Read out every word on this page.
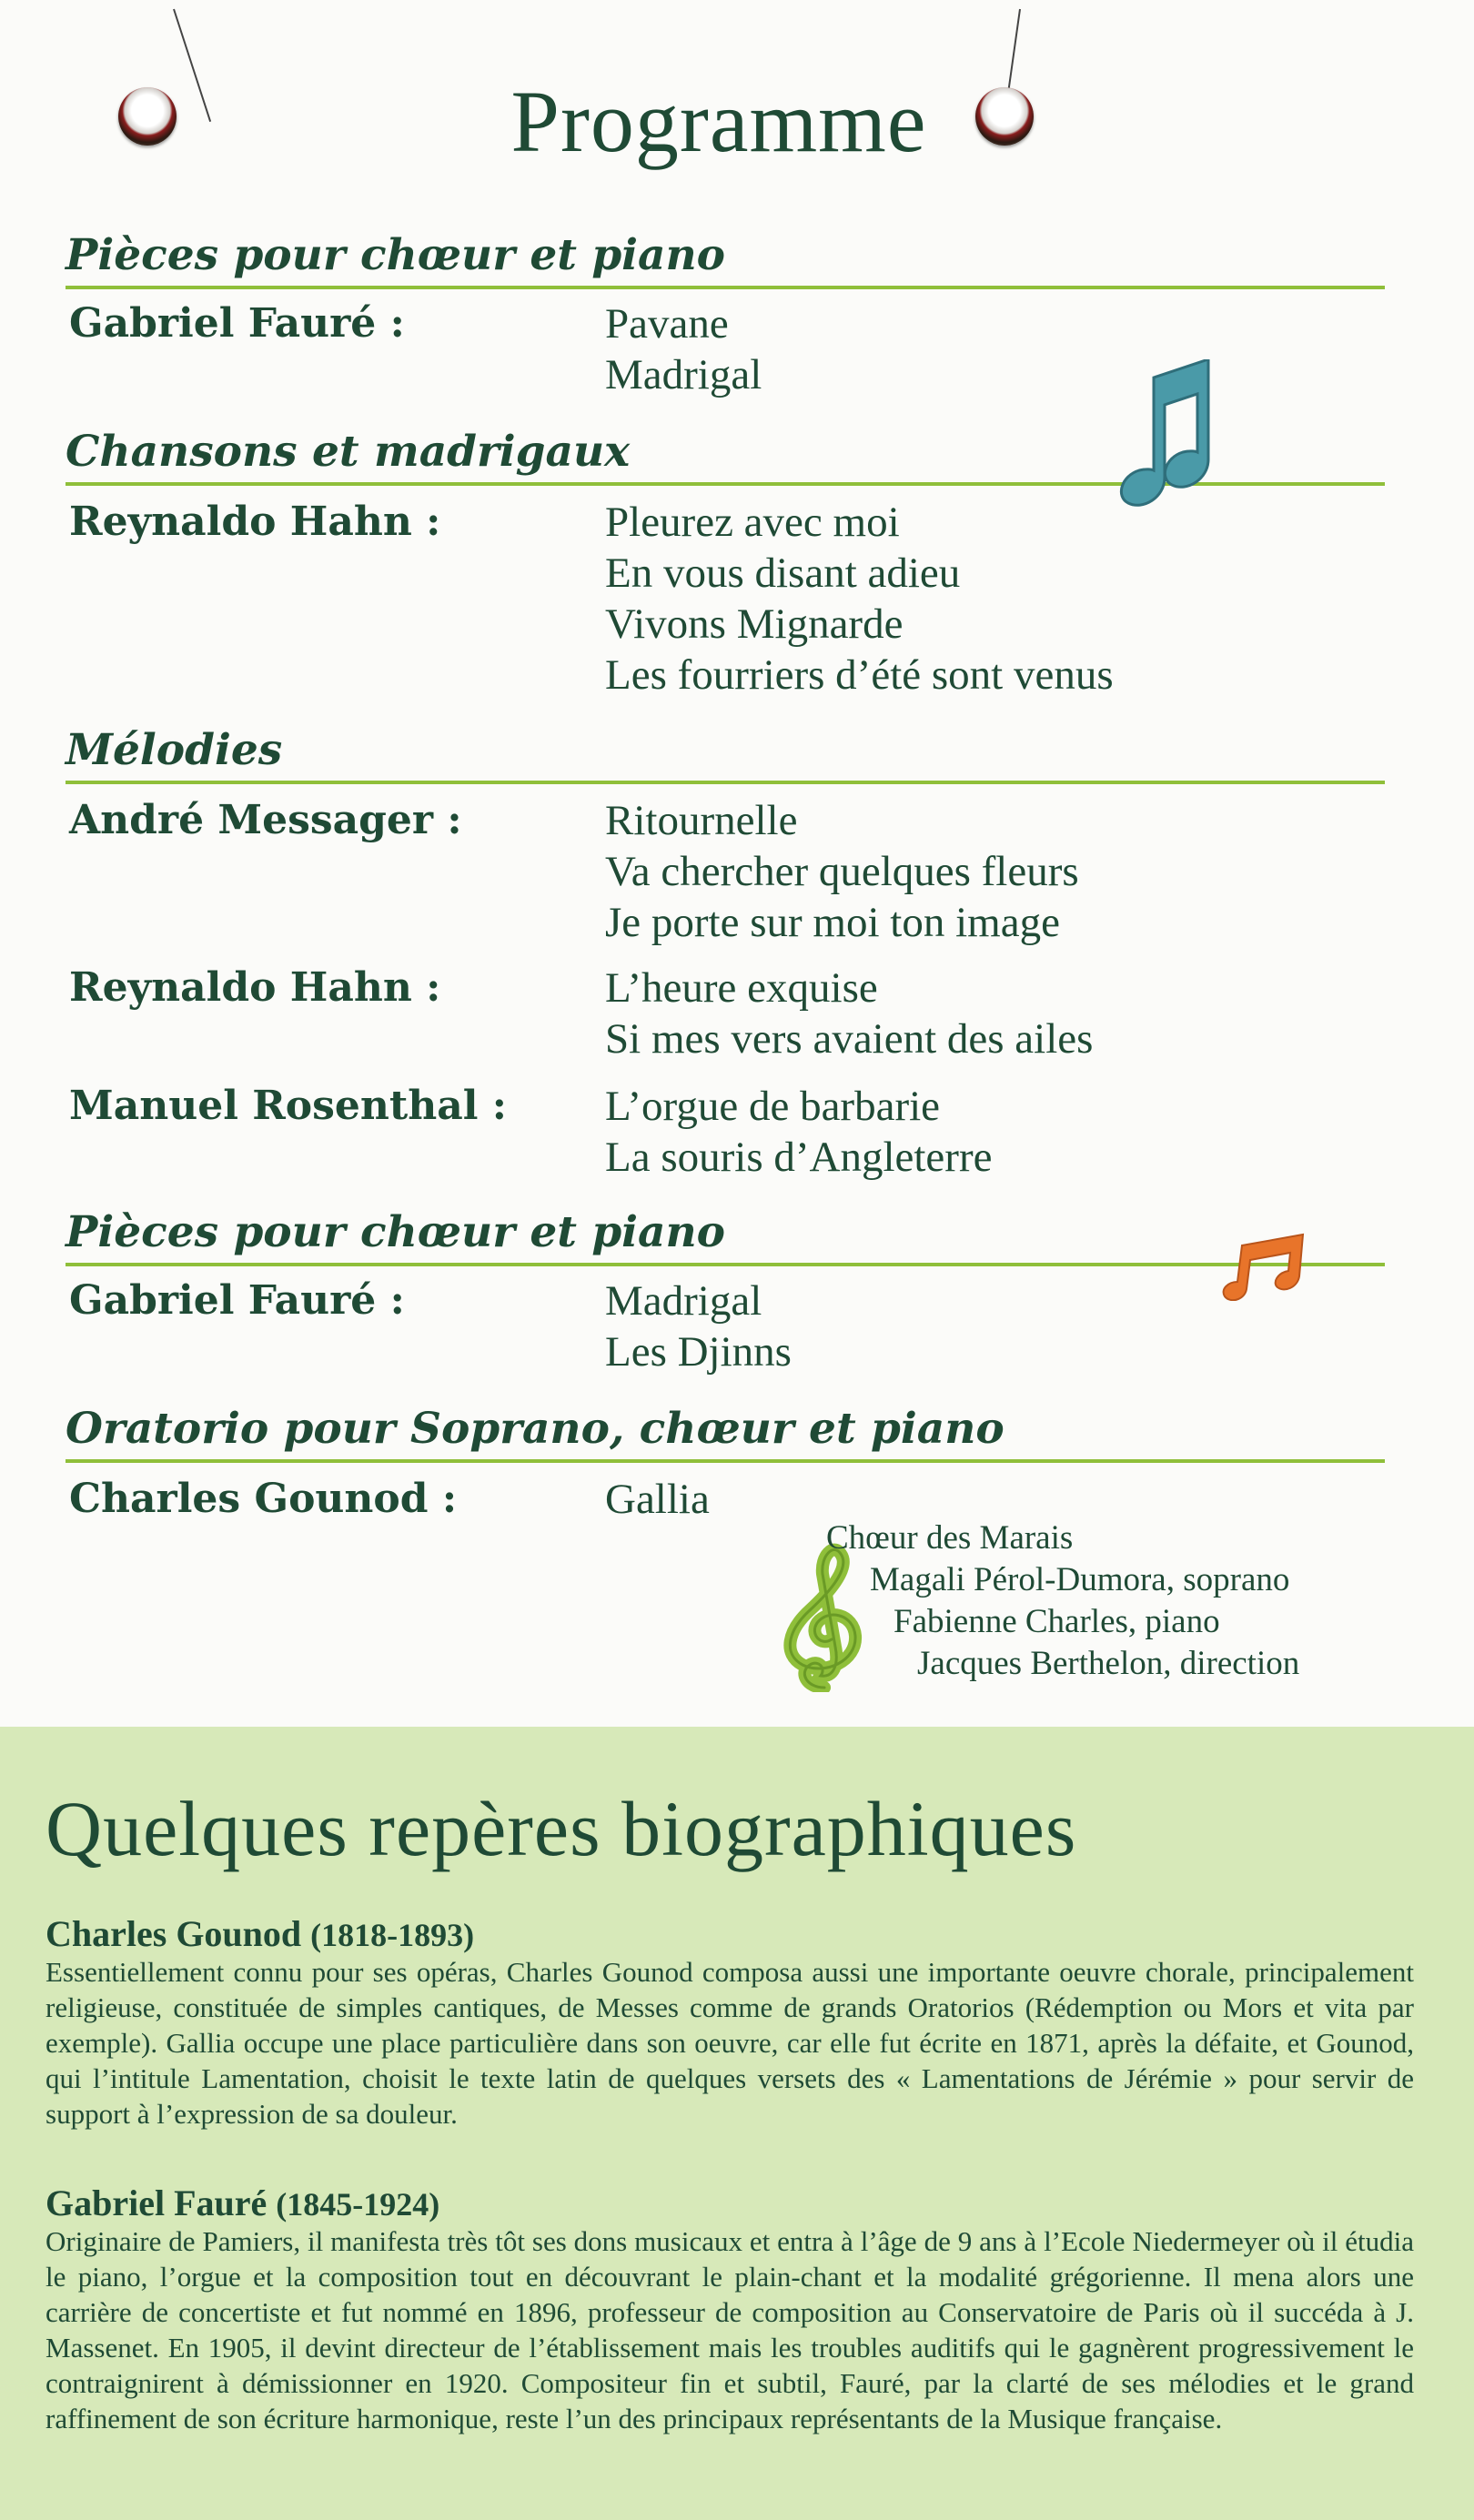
Programme
Pièces pour chœur et piano

Gabriel Fauré :	Pavane
Madrigal
Chansons et madrigaux

Reynaldo Hahn :	Pleurez avec moi
En vous disant adieu
Vivons Mignarde
Les fourriers d’été sont venus
Mélodies

André Messager :	Ritournelle
Va chercher quelques fleurs
Je porte sur moi ton image

Reynaldo Hahn :	L’heure exquise
Si mes vers avaient des ailes

Manuel Rosenthal : L’orgue de barbarie
La souris d’Angleterre
Pièces pour chœur et piano

Gabriel Fauré :	Madrigal
Les Djinns
Oratorio pour Soprano, chœur et piano

Charles Gounod :	Gallia
Chœur des Marais
Magali Pérol-Dumora, soprano
Fabienne Charles, piano
Jacques Berthelon, direction
Quelques repères biographiques

Charles Gounod (1818-1893)

Essentiellement connu pour ses opéras, Charles Gounod composa aussi une importante oeuvre chorale, principalement religieuse, constituée de simples cantiques, de Messes comme de grands Oratorios (Rédemption ou Mors et vita par exemple). Gallia occupe une place particulière dans son oeuvre, car elle fut écrite en 1871, après la défaite, et Gounod, qui l’intitule Lamentation, choisit le texte latin de quelques versets des « Lamentations de Jérémie » pour servir de support à l’expression de sa douleur.

Gabriel Fauré (1845-1924)

Originaire de Pamiers, il manifesta très tôt ses dons musicaux et entra à l’âge de 9 ans à l’Ecole Niedermeyer où il étudia le piano, l’orgue et la composition tout en découvrant le plain-chant et la modalité grégorienne. Il mena alors une carrière de concertiste et fut nommé en 1896, professeur de composition au Conservatoire de Paris où il succéda à J. Massenet. En 1905, il devint directeur de l’établissement mais les troubles auditifs qui le gagnèrent progressivement le contraignirent à démissionner en 1920. Compositeur fin et subtil, Fauré, par la clarté de ses mélodies et le grand raffinement de son écriture harmonique, reste l’un des principaux représentants de la Musique française.
